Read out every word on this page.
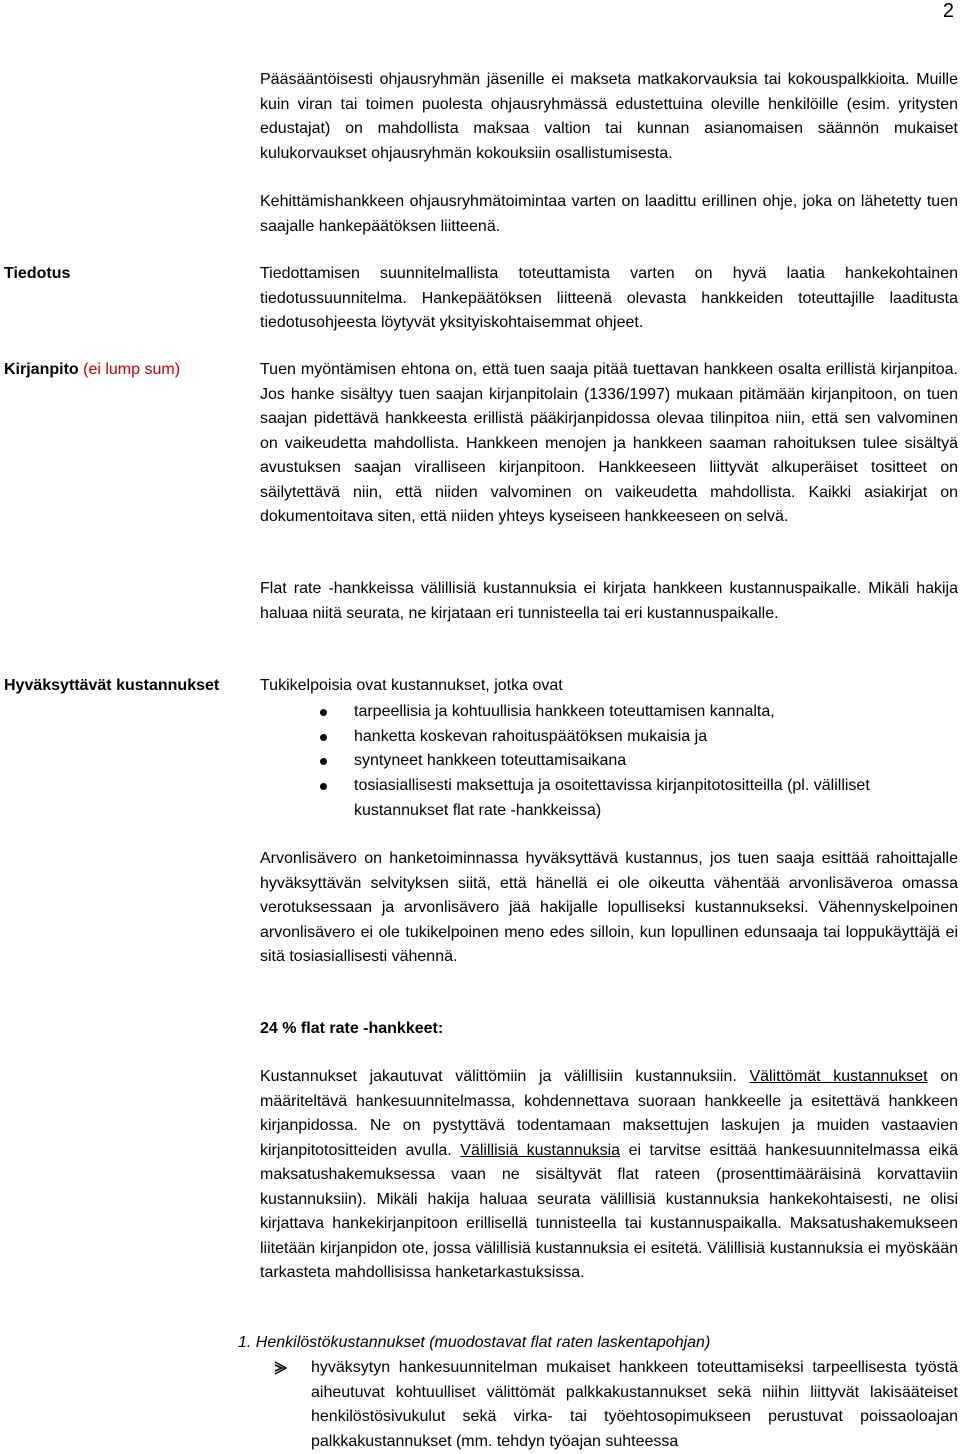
2

Pääsääntöisesti ohjausryhmän jäsenille ei makseta matkakorvauksia tai kokouspalkkioita. Muille kuin viran tai toimen puolesta ohjausryhmässä edustettuina oleville henkilöille (esim. yritysten edustajat) on mahdollista maksaa valtion tai kunnan asianomaisen säännön mukaiset kulukorvaukset ohjausryhmän kokouksiin osallistumisesta.

Kehittämishankkeen ohjausryhmätoimintaa varten on laadittu erillinen ohje, joka on lähetetty tuen saajalle hankepäätöksen liitteenä.

Tiedotus	Tiedottamisen suunnitelmallista toteuttamista varten on hyvä laatia hankekohtainen tiedotussuunnitelma. Hankepäätöksen liitteenä olevasta hankkeiden toteuttajille laaditusta tiedotusohjeesta löytyvät yksityiskohtaisemmat ohjeet.

Kirjanpito (ei lump sum)	Tuen myöntämisen ehtona on, että tuen saaja pitää tuettavan hankkeen osalta erillistä kirjanpitoa. Jos hanke sisältyy tuen saajan kirjanpitolain (1336/1997) mukaan pitämään kirjanpitoon, on tuen saajan pidettävä hankkeesta erillistä pääkirjanpidossa olevaa tilinpitoa niin, että sen valvominen on vaikeudetta mahdollista. Hankkeen menojen ja hankkeen saaman rahoituksen tulee sisältyä avustuksen saajan viralliseen kirjanpitoon. Hankkeeseen liittyvät alkuperäiset tositteet on säilytettävä niin, että niiden valvominen on vaikeudetta mahdollista. Kaikki asiakirjat on dokumentoitava siten, että niiden yhteys kyseiseen hankkeeseen on selvä.

Flat rate -hankkeissa välillisiä kustannuksia ei kirjata hankkeen kustannuspaikalle. Mikäli hakija haluaa niitä seurata, ne kirjataan eri tunnisteella tai eri kustannuspaikalle.

Hyväksyttävät kustannukset	Tukikelpoisia ovat kustannukset, jotka ovat

tarpeellisia ja kohtuullisia hankkeen toteuttamisen kannalta,
hanketta koskevan rahoituspäätöksen mukaisia ja
syntyneet hankkeen toteuttamisaikana
tosiasiallisesti maksettuja ja osoitettavissa kirjanpitotositteilla (pl. välilliset kustannukset flat rate -hankkeissa)

Arvonlisävero on hanketoiminnassa hyväksyttävä kustannus, jos tuen saaja esittää rahoittajalle hyväksyttävän selvityksen siitä, että hänellä ei ole oikeutta vähentää arvonlisäveroa omassa verotuksessaan ja arvonlisävero jää hakijalle lopulliseksi kustannukseksi. Vähennyskelpoinen arvonlisävero ei ole tukikelpoinen meno edes silloin, kun lopullinen edunsaaja tai loppukäyttäjä ei sitä tosiasiallisesti vähennä.

24 % flat rate -hankkeet:

Kustannukset jakautuvat välittömiin ja välillisiin kustannuksiin. Välittömät kustannukset on määriteltävä hankesuunnitelmassa, kohdennettava suoraan hankkeelle ja esitettävä hankkeen kirjanpidossa. Ne on pystyttävä todentamaan maksettujen laskujen ja muiden vastaavien kirjanpitotositteiden avulla. Välillisiä kustannuksia ei tarvitse esittää hankesuunnitelmassa eikä maksatushakemuksessa vaan ne sisältyvät flat rateen (prosenttimääräisinä korvattaviin kustannuksiin). Mikäli hakija haluaa seurata välillisiä kustannuksia hankekohtaisesti, ne olisi kirjattava hankekirjanpitoon erillisellä tunnisteella tai kustannuspaikalla. Maksatushakemukseen liitetään kirjanpidon ote, jossa välillisiä kustannuksia ei esitetä. Välillisiä kustannuksia ei myöskään tarkasteta mahdollisissa hanketarkastuksissa.

1. Henkilöstökustannukset (muodostavat flat raten laskentapohjan)

hyväksytyn hankesuunnitelman mukaiset hankkeen toteuttamiseksi tarpeellisesta työstä aiheutuvat kohtuulliset välittömät palkkakustannukset sekä niihin liittyvät lakisääteiset henkilöstösivukulut sekä virka- tai työehtosopimukseen perustuvat poissaoloajan palkkakustannukset (mm. tehdyn työajan suhteessa
